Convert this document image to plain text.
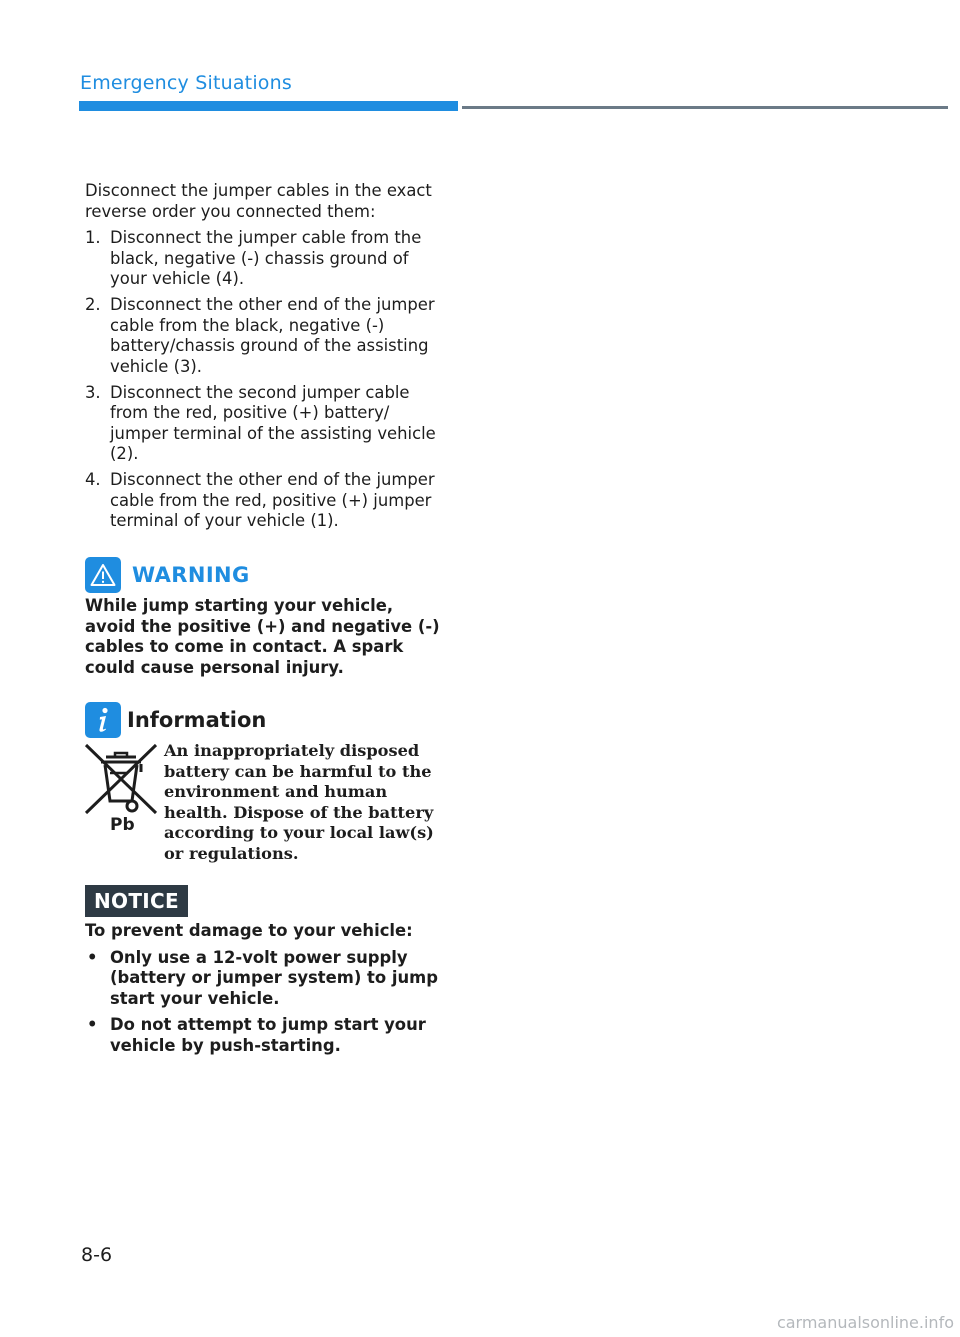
Emergency Situations

Disconnect the jumper cables in the exact reverse order you connected them:

1. Disconnect the jumper cable from the black, negative (-) chassis ground of your vehicle (4).
2. Disconnect the other end of the jumper cable from the black, negative (-) battery/chassis ground of the assisting vehicle (3).
3. Disconnect the second jumper cable from the red, positive (+) battery/ jumper terminal of the assisting vehicle (2).
4. Disconnect the other end of the jumper cable from the red, positive (+) jumper terminal of your vehicle (1).
WARNING

While jump starting your vehicle, avoid the positive (+) and negative (-) cables to come in contact. A spark could cause personal injury.

Information
Pb
An inappropriately disposed battery can be harmful to the environment and human health. Dispose of the battery according to your local law(s) or regulations.
NOTICE
To prevent damage to your vehicle:
• Only use a 12-volt power supply (battery or jumper system) to jump start your vehicle.
• Do not attempt to jump start your vehicle by push-starting.
8-6
carmanualsonline.info
